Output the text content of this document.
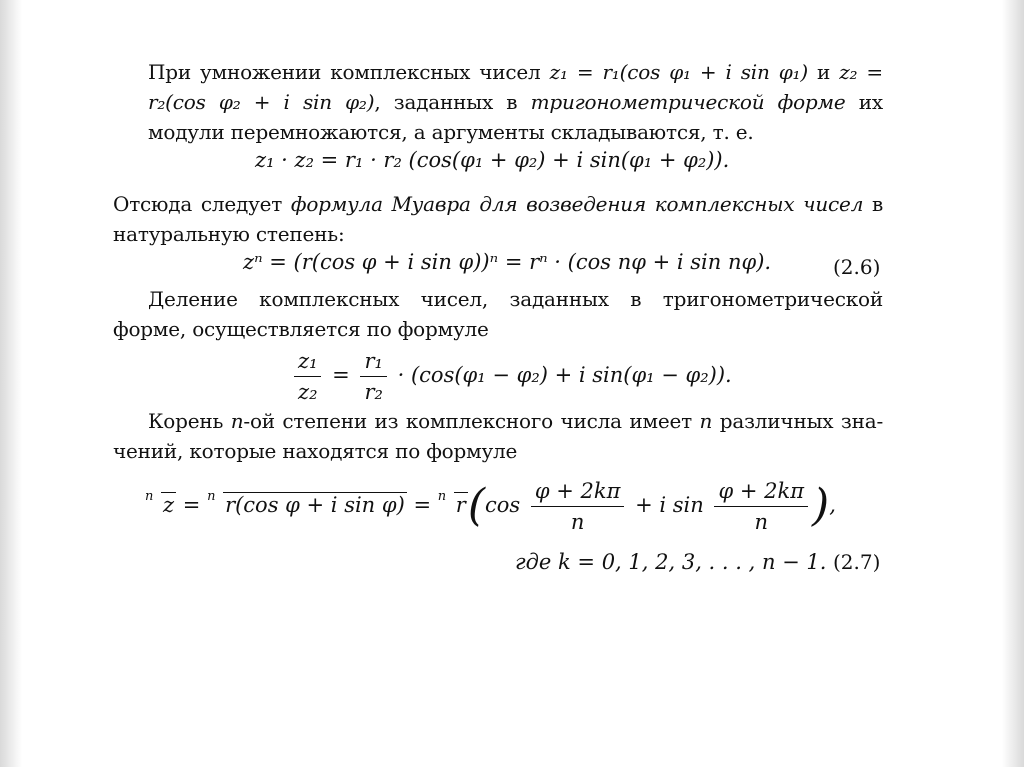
При умножении комплексных чисел z₁ = r₁(cos φ₁ + i sin φ₁) и z₂ = r₂(cos φ₂ + i sin φ₂), заданных в тригонометрической форме их модули перемножаются, а аргументы складываются, т. е.
z₁ · z₂ = r₁ · r₂ (cos(φ₁ + φ₂) + i sin(φ₁ + φ₂)).
Отсюда следует формула Муавра для возведения комплексных чисел в натуральную степень:
zⁿ = (r(cos φ + i sin φ))ⁿ = rⁿ · (cos nφ + i sin nφ).	(2.6)
Деление комплексных чисел, заданных в тригонометрической форме, осуществляется по формуле
$\frac{\text{z₁}}{\text{z₂}} = \frac{\text{r₁}}{\text{r₂}} \cdot (\cos(\varphi_1 - \varphi_2) + i$ sin(φ₁ − φ₂)).
Корень n-ой степени из комплексного числа имеет n различных зна-чений, которые находятся по формуле
n z = n r(cos φ + i sin φ) = n $r(\cos \frac{\varphi + 2k\pi}{n} + i$ $\sin \frac{\varphi + 2k\pi}{n}$ ),
где k = 0, 1, 2, 3, . . . , n − 1. (2.7)
